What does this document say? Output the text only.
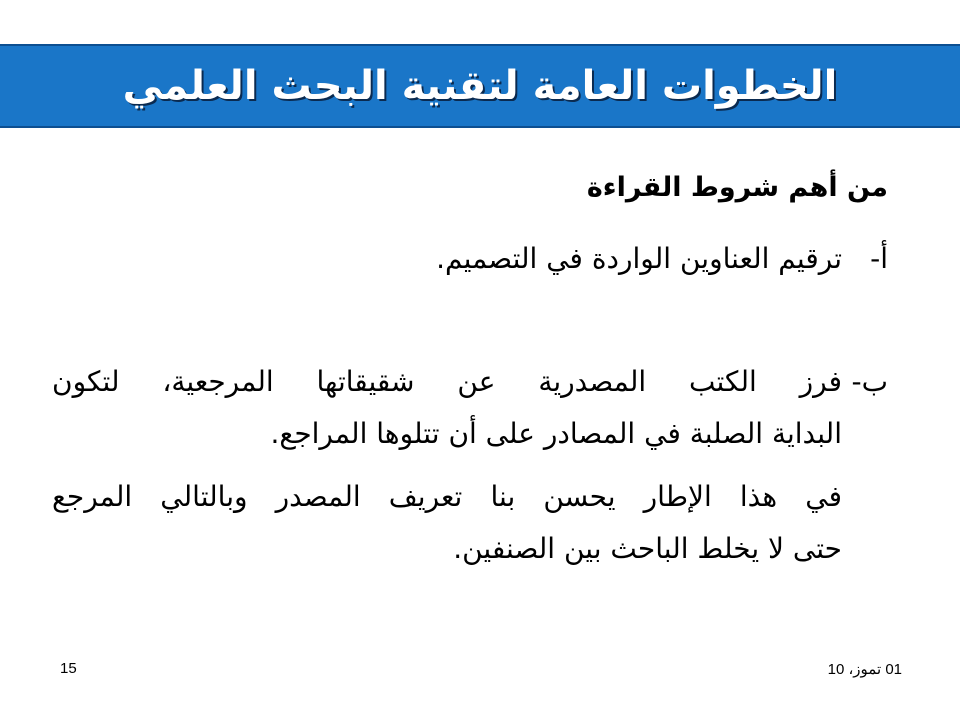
الخطوات العامة لتقنية البحث العلمي
من أهم شروط القراءة
أ-
ترقيم العناوين الواردة في التصميم.
ب-
فرز الكتب المصدرية عن شقيقاتها المرجعية، لتكون
البداية الصلبة في المصادر على أن تتلوها المراجع.
في هذا الإطار يحسن بنا تعريف المصدر وبالتالي المرجع
حتى لا يخلط الباحث بين الصنفين.
15	01 تموز، 10
